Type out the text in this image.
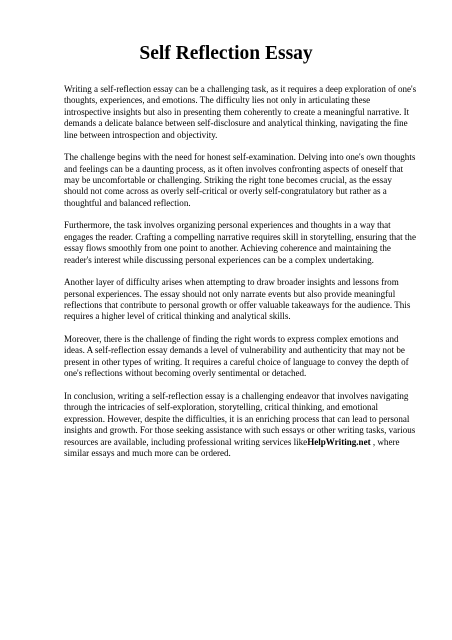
Self Reflection Essay

Writing a self-reflection essay can be a challenging task, as it requires a deep exploration of one's
thoughts, experiences, and emotions. The difficulty lies not only in articulating these
introspective insights but also in presenting them coherently to create a meaningful narrative. It
demands a delicate balance between self-disclosure and analytical thinking, navigating the fine
line between introspection and objectivity.

The challenge begins with the need for honest self-examination. Delving into one's own thoughts
and feelings can be a daunting process, as it often involves confronting aspects of oneself that
may be uncomfortable or challenging. Striking the right tone becomes crucial, as the essay
should not come across as overly self-critical or overly self-congratulatory but rather as a
thoughtful and balanced reflection.

Furthermore, the task involves organizing personal experiences and thoughts in a way that
engages the reader. Crafting a compelling narrative requires skill in storytelling, ensuring that the
essay flows smoothly from one point to another. Achieving coherence and maintaining the
reader's interest while discussing personal experiences can be a complex undertaking.

Another layer of difficulty arises when attempting to draw broader insights and lessons from
personal experiences. The essay should not only narrate events but also provide meaningful
reflections that contribute to personal growth or offer valuable takeaways for the audience. This
requires a higher level of critical thinking and analytical skills.

Moreover, there is the challenge of finding the right words to express complex emotions and
ideas. A self-reflection essay demands a level of vulnerability and authenticity that may not be
present in other types of writing. It requires a careful choice of language to convey the depth of
one's reflections without becoming overly sentimental or detached.

In conclusion, writing a self-reflection essay is a challenging endeavor that involves navigating
through the intricacies of self-exploration, storytelling, critical thinking, and emotional
expression. However, despite the difficulties, it is an enriching process that can lead to personal
insights and growth. For those seeking assistance with such essays or other writing tasks, various
resources are available, including professional writing services likeHelpWriting.net , where
similar essays and much more can be ordered.
